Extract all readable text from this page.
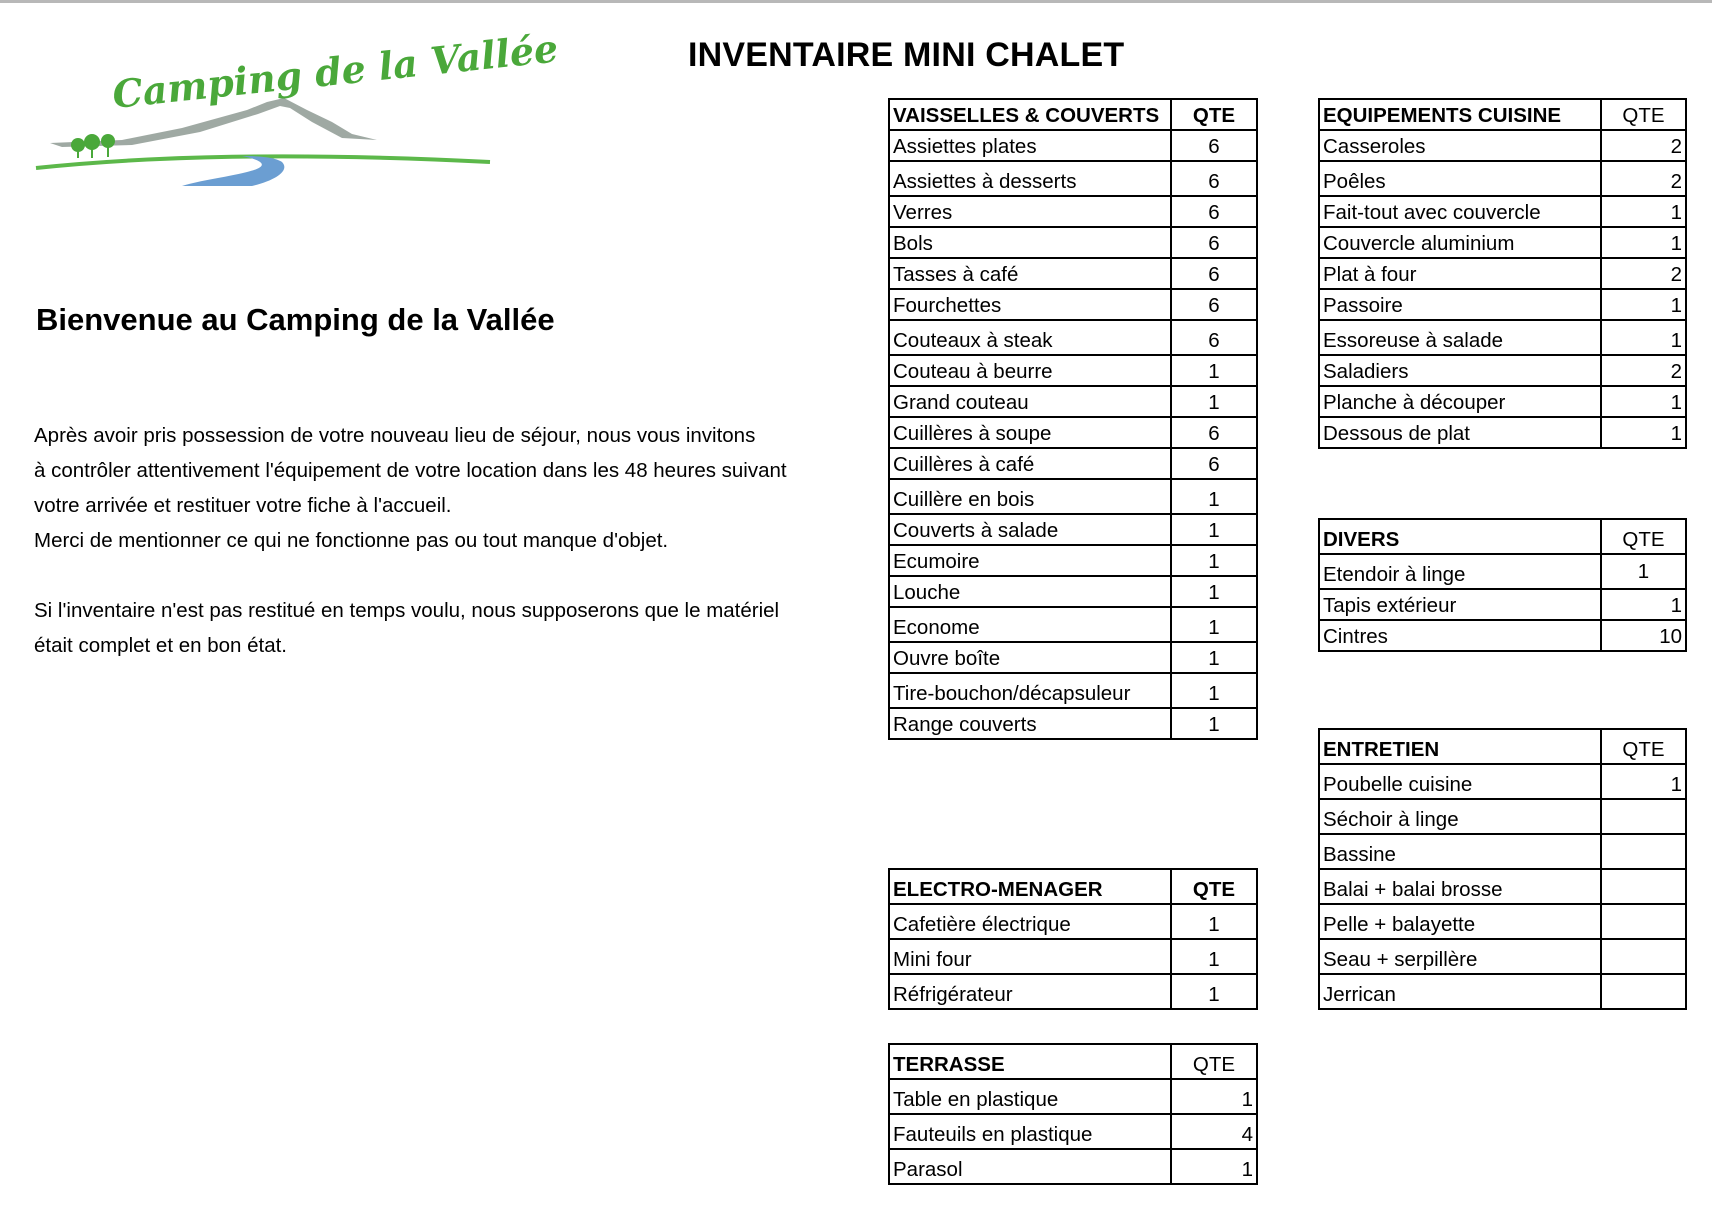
Camping de la Vallée	INVENTAIRE MINI CHALET
Bienvenue au Camping de la Vallée
Après avoir pris possession de votre nouveau lieu de séjour, nous vous invitons
à contrôler attentivement l'équipement de votre location dans les 48 heures suivant
votre arrivée et restituer votre fiche à l'accueil.
Merci de mentionner ce qui ne fonctionne pas ou tout manque d'objet.
Si l'inventaire n'est pas restitué en temps voulu, nous supposerons que le matériel
était complet et en bon état.
VAISSELLES & COUVERTS	QTE
Assiettes plates	6
Assiettes à desserts	6
Verres	6
Bols	6
Tasses à café	6
Fourchettes	6
Couteaux à steak	6
Couteau à beurre	1
Grand couteau	1
Cuillères à soupe	6
Cuillères à café	6
Cuillère en bois	1
Couverts à salade	1
Ecumoire	1
Louche	1
Econome	1
Ouvre boîte	1
Tire-bouchon/décapsuleur	1
Range couverts	1
ELECTRO-MENAGER	QTE
Cafetière électrique	1
Mini four	1
Réfrigérateur	1
TERRASSE	QTE
Table en plastique	1
Fauteuils en plastique	4
Parasol	1
EQUIPEMENTS CUISINE	QTE
Casseroles	2
Poêles	2
Fait-tout avec couvercle	1
Couvercle aluminium	1
Plat à four	2
Passoire	1
Essoreuse à salade	1
Saladiers	2
Planche à découper	1
Dessous de plat	1
DIVERS	QTE
Etendoir à linge	1
Tapis extérieur	1
Cintres	10
ENTRETIEN	QTE
Poubelle cuisine	1
Séchoir à linge	
Bassine	
Balai + balai brosse	
Pelle + balayette	
Seau + serpillère	
Jerrican	
